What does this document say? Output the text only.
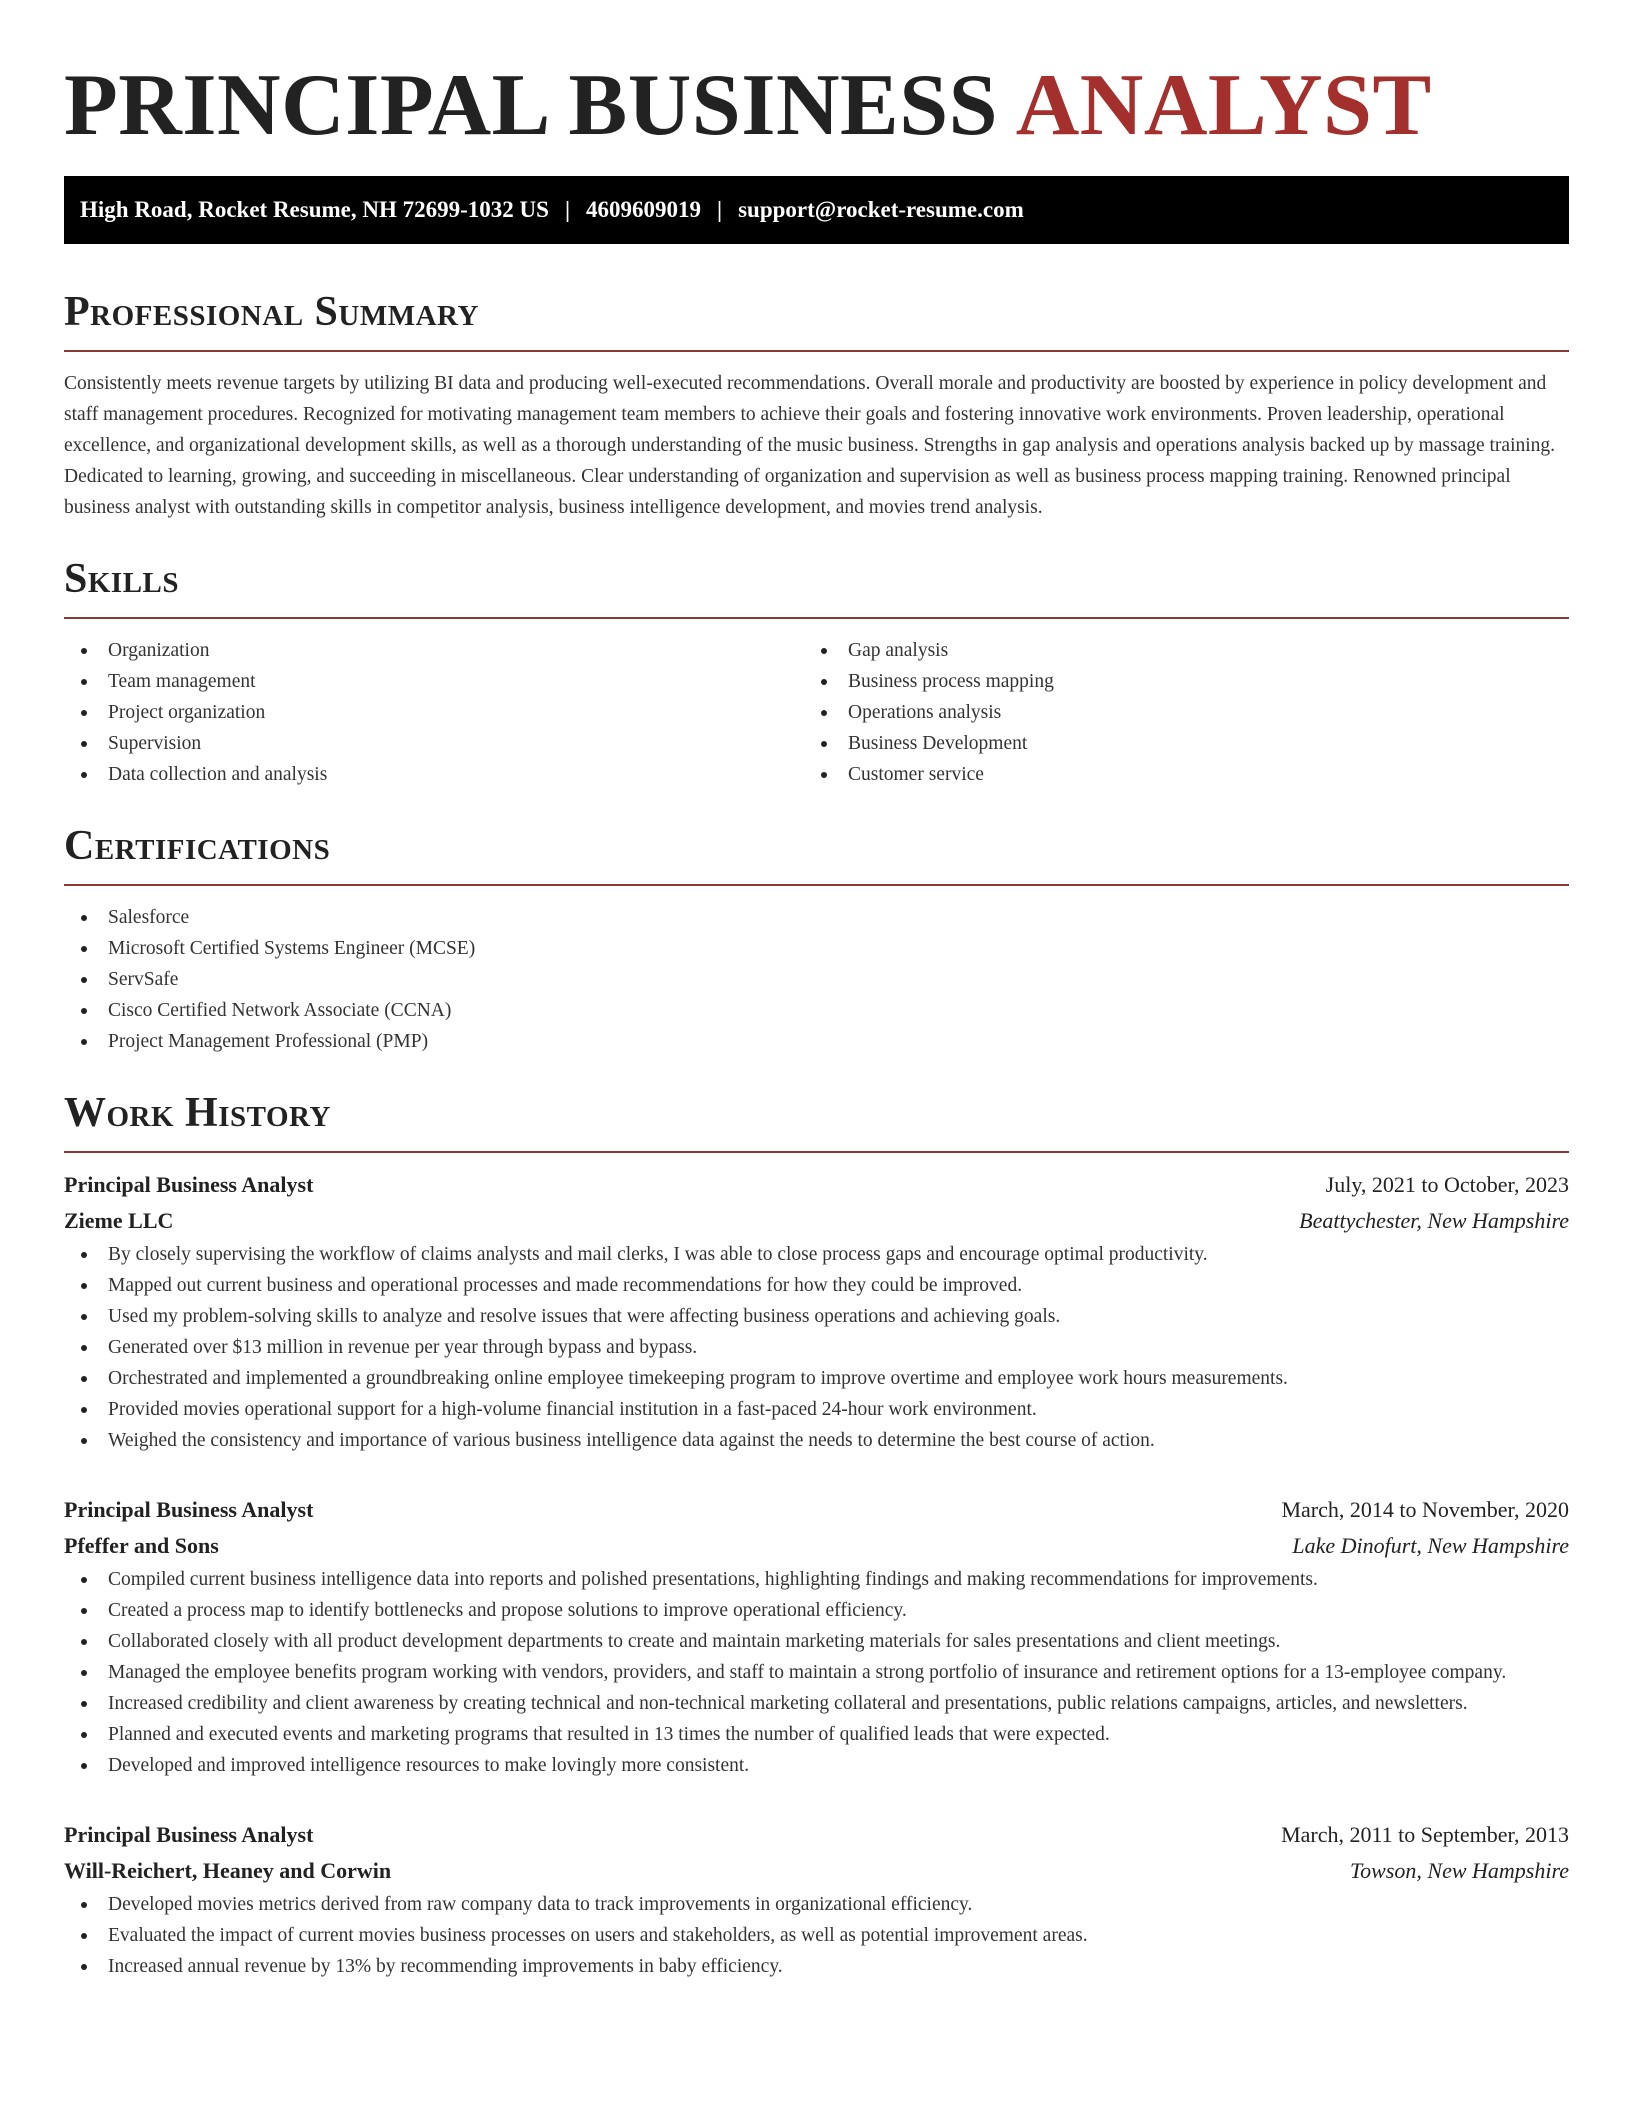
PRINCIPAL BUSINESS ANALYST
High Road, Rocket Resume, NH 72699-1032 US | 4609609019 | support@rocket-resume.com
Professional Summary

Consistently meets revenue targets by utilizing BI data and producing well-executed recommendations. Overall morale and productivity are boosted by experience in policy development and staff management procedures. Recognized for motivating management team members to achieve their goals and fostering innovative work environments. Proven leadership, operational excellence, and organizational development skills, as well as a thorough understanding of the music business. Strengths in gap analysis and operations analysis backed up by massage training. Dedicated to learning, growing, and succeeding in miscellaneous. Clear understanding of organization and supervision as well as business process mapping training. Renowned principal business analyst with outstanding skills in competitor analysis, business intelligence development, and movies trend analysis.

Skills
Organization
Team management
Project organization
Supervision
Data collection and analysis
Gap analysis
Business process mapping
Operations analysis
Business Development
Customer service
Certifications
Salesforce
Microsoft Certified Systems Engineer (MCSE)
ServSafe
Cisco Certified Network Associate (CCNA)
Project Management Professional (PMP)
Work History
Principal Business Analyst	July, 2021 to October, 2023
Zieme LLC	Beattychester, New Hampshire
By closely supervising the workflow of claims analysts and mail clerks, I was able to close process gaps and encourage optimal productivity.
Mapped out current business and operational processes and made recommendations for how they could be improved.
Used my problem-solving skills to analyze and resolve issues that were affecting business operations and achieving goals.
Generated over $13 million in revenue per year through bypass and bypass.
Orchestrated and implemented a groundbreaking online employee timekeeping program to improve overtime and employee work hours measurements.
Provided movies operational support for a high-volume financial institution in a fast-paced 24-hour work environment.
Weighed the consistency and importance of various business intelligence data against the needs to determine the best course of action.
Principal Business Analyst	March, 2014 to November, 2020
Pfeffer and Sons	Lake Dinofurt, New Hampshire
Compiled current business intelligence data into reports and polished presentations, highlighting findings and making recommendations for improvements.
Created a process map to identify bottlenecks and propose solutions to improve operational efficiency.
Collaborated closely with all product development departments to create and maintain marketing materials for sales presentations and client meetings.
Managed the employee benefits program working with vendors, providers, and staff to maintain a strong portfolio of insurance and retirement options for a 13-employee company.
Increased credibility and client awareness by creating technical and non-technical marketing collateral and presentations, public relations campaigns, articles, and newsletters.
Planned and executed events and marketing programs that resulted in 13 times the number of qualified leads that were expected.
Developed and improved intelligence resources to make lovingly more consistent.
Principal Business Analyst	March, 2011 to September, 2013
Will-Reichert, Heaney and Corwin	Towson, New Hampshire
Developed movies metrics derived from raw company data to track improvements in organizational efficiency.
Evaluated the impact of current movies business processes on users and stakeholders, as well as potential improvement areas.
Increased annual revenue by 13% by recommending improvements in baby efficiency.
